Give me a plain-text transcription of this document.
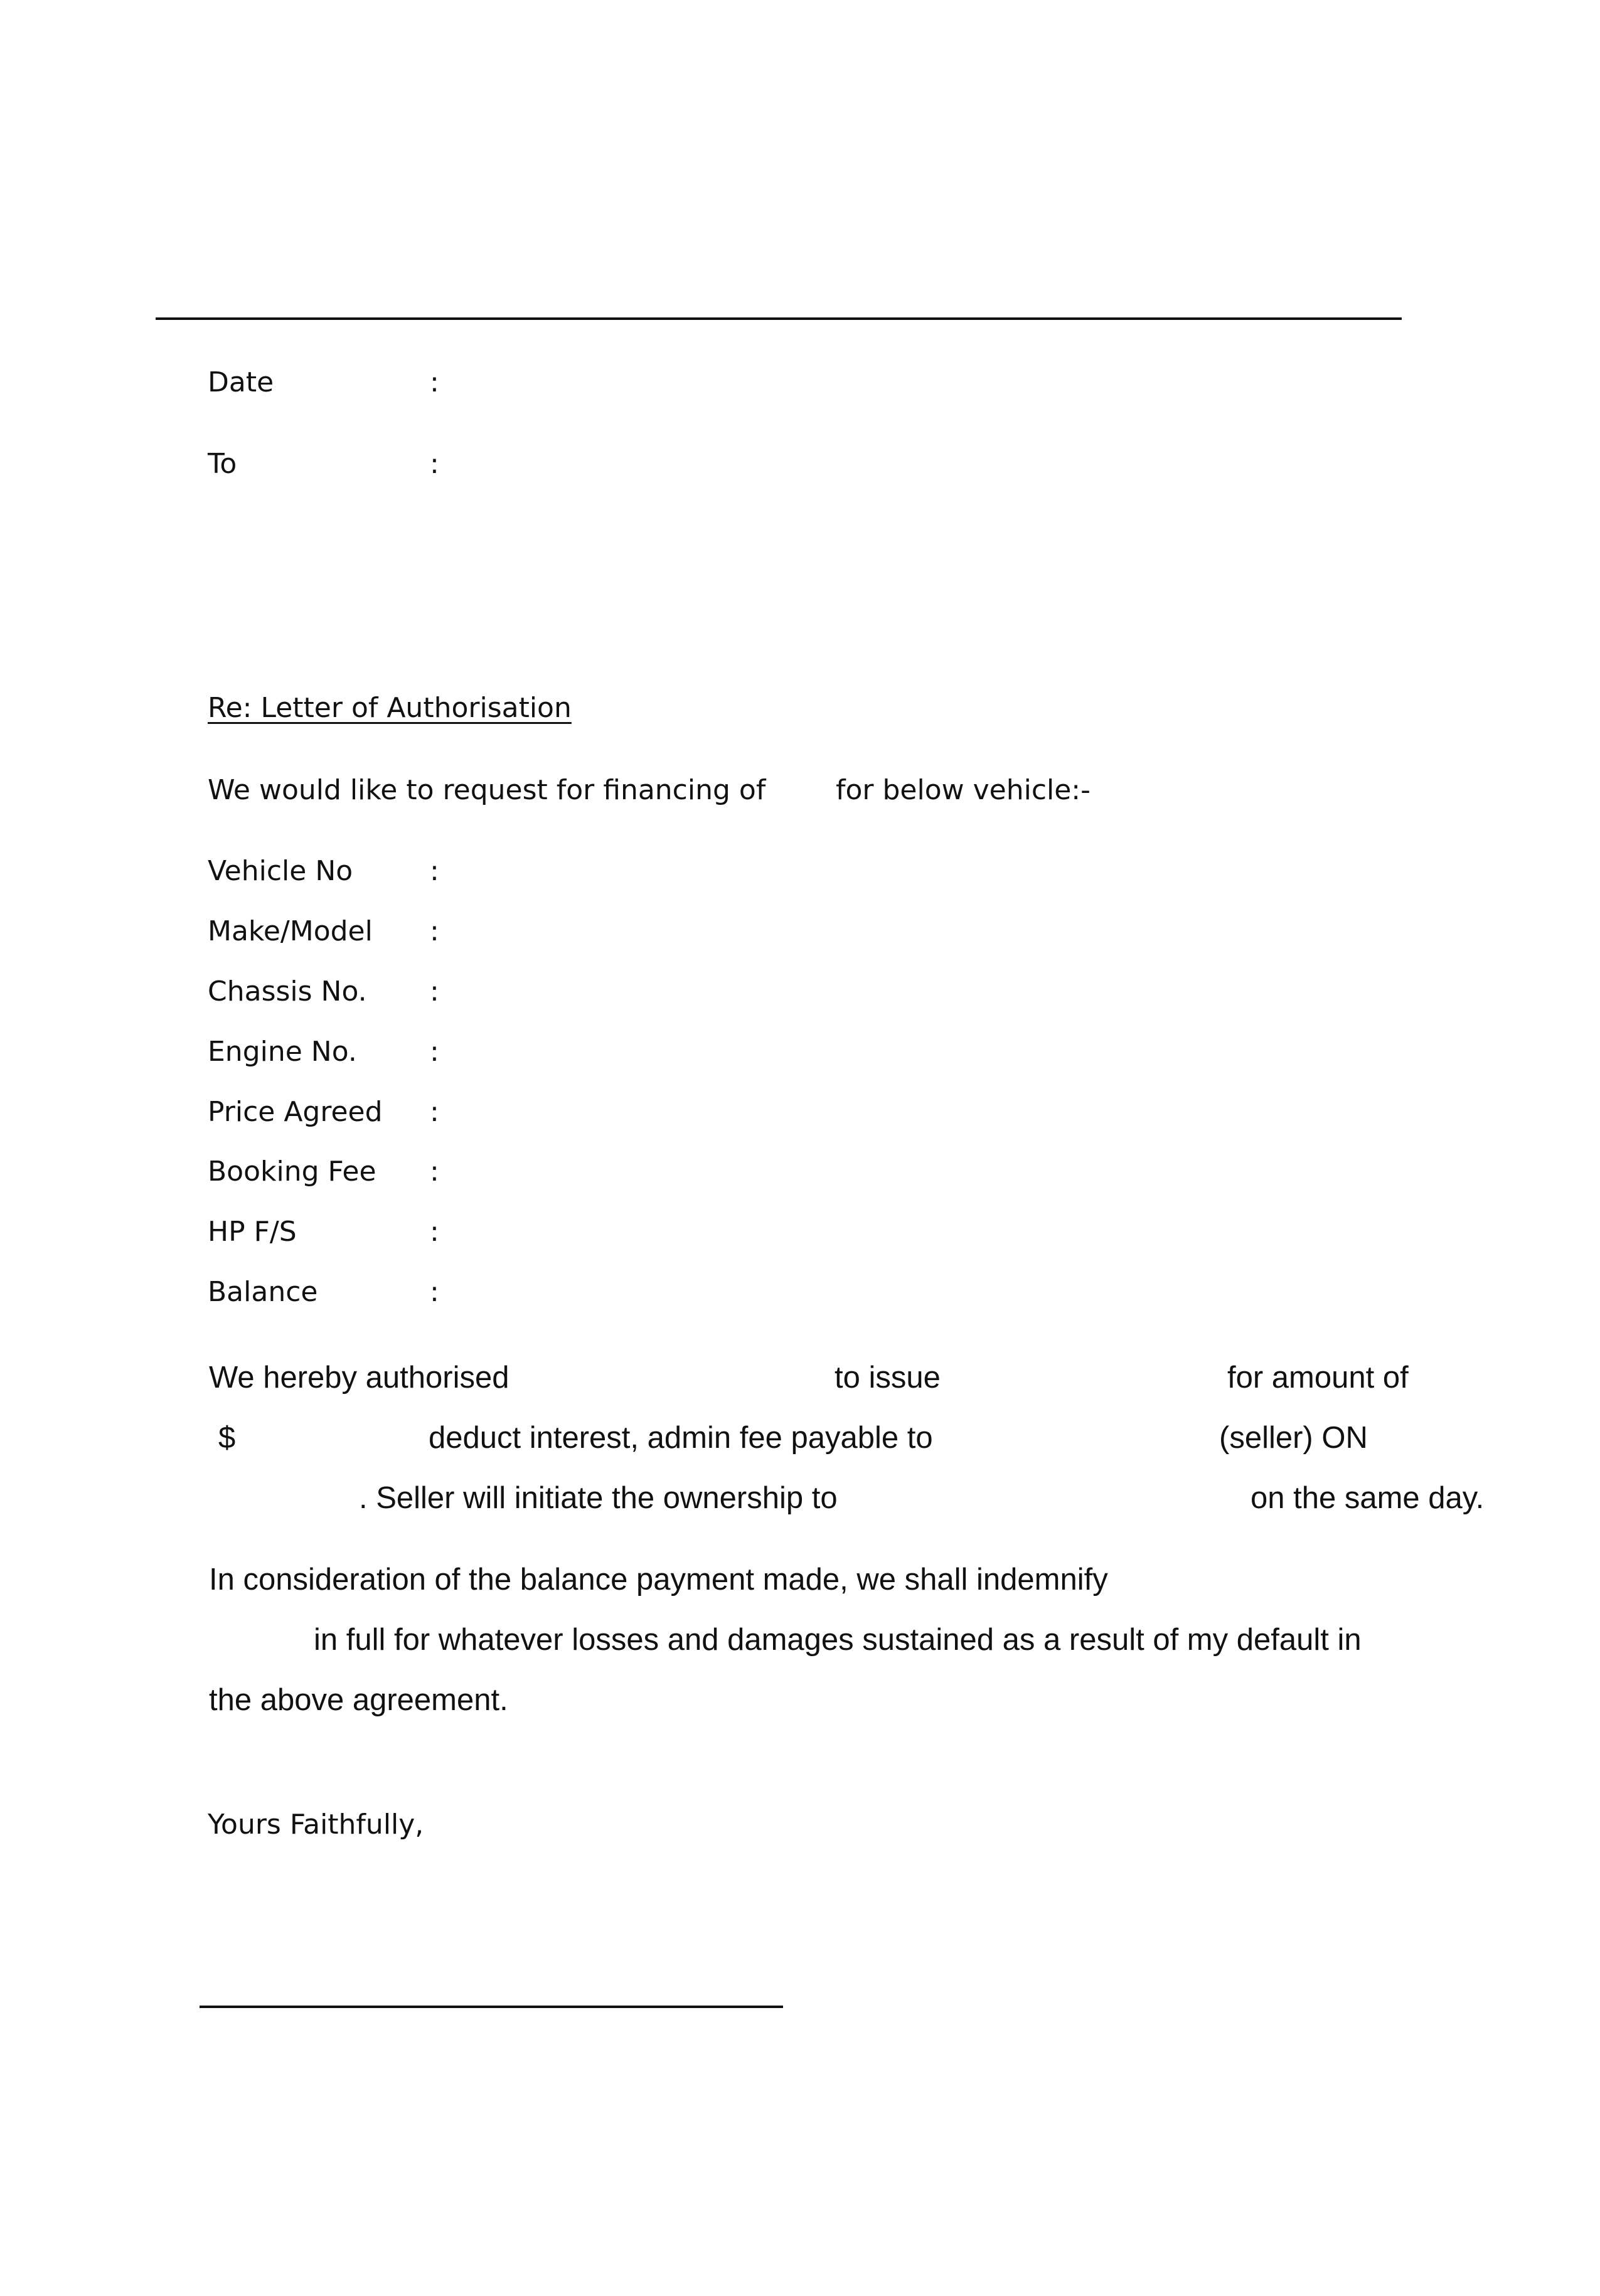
Date	:
To	:
Re: Letter of Authorisation
We would like to request for financing of	for below vehicle:-
Vehicle No	:
Make/Model :
Chassis No. :
Engine No.	:
Price Agreed :
Booking Fee :
HP F/S	:
Balance	:
We hereby authorised	to issue	for amount of
$	deduct interest, admin fee payable to	(seller) ON
. Seller will initiate the ownership to	on the same day.
In consideration of the balance payment made, we shall indemnify
in full for whatever losses and damages sustained as a result of my default in
the above agreement.
Yours Faithfully,
